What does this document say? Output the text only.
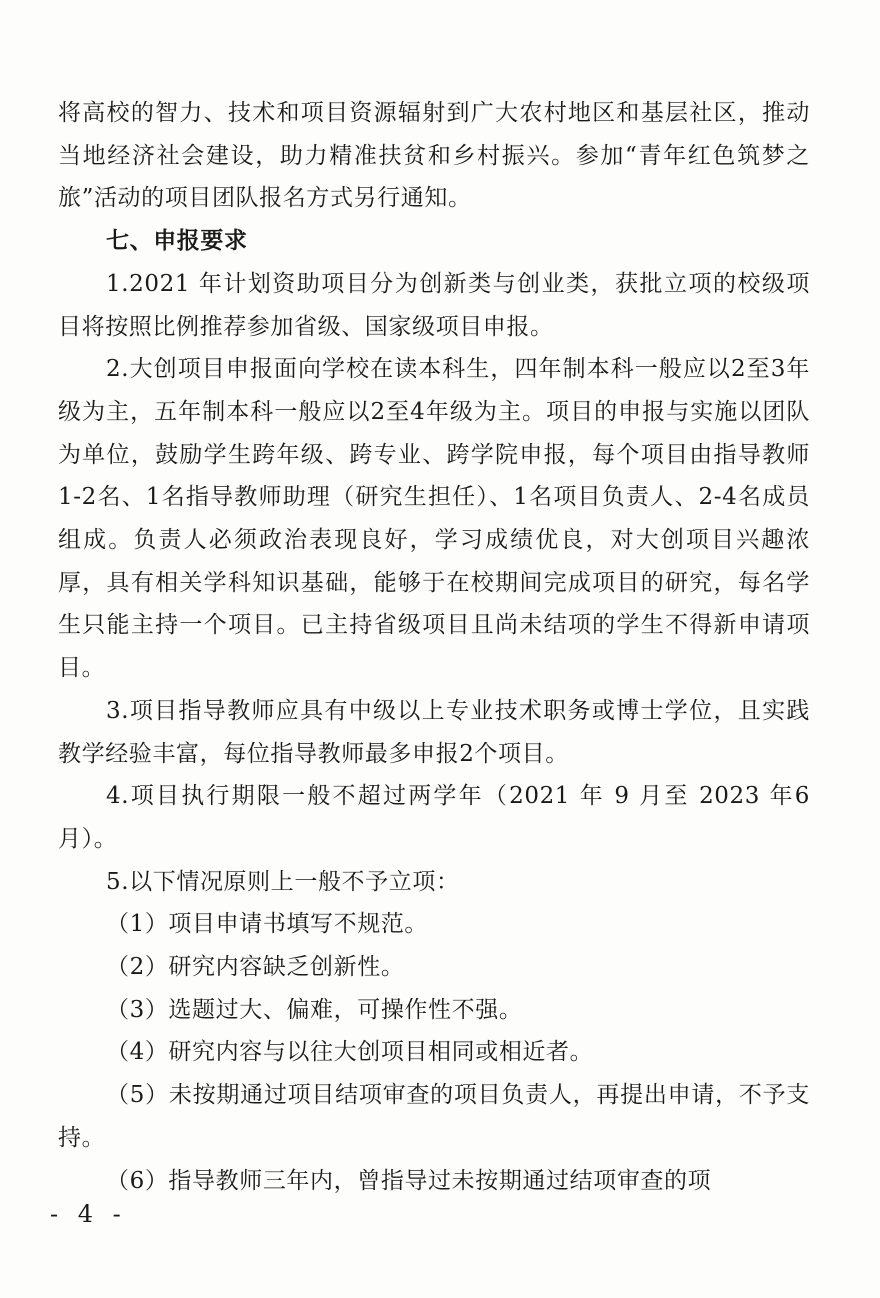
将高校的智力、技术和项目资源辐射到广大农村地区和基层社区，推动当地经济社会建设，助力精准扶贫和乡村振兴。参加“青年红色筑梦之旅”活动的项目团队报名方式另行通知。

七、申报要求

1.2021 年计划资助项目分为创新类与创业类，获批立项的校级项目将按照比例推荐参加省级、国家级项目申报。

2.大创项目申报面向学校在读本科生，四年制本科一般应以2至3年级为主，五年制本科一般应以2至4年级为主。项目的申报与实施以团队为单位，鼓励学生跨年级、跨专业、跨学院申报，每个项目由指导教师1-2名、1名指导教师助理（研究生担任）、1名项目负责人、2-4名成员组成。负责人必须政治表现良好，学习成绩优良，对大创项目兴趣浓厚，具有相关学科知识基础，能够于在校期间完成项目的研究，每名学生只能主持一个项目。已主持省级项目且尚未结项的学生不得新申请项目。

3.项目指导教师应具有中级以上专业技术职务或博士学位，且实践教学经验丰富，每位指导教师最多申报2个项目。

4.项目执行期限一般不超过两学年（2021 年 9 月至 2023 年6月）。

5.以下情况原则上一般不予立项：

（1）项目申请书填写不规范。

（2）研究内容缺乏创新性。

（3）选题过大、偏难，可操作性不强。

（4）研究内容与以往大创项目相同或相近者。

（5）未按期通过项目结项审查的项目负责人，再提出申请，不予支持。

（6）指导教师三年内，曾指导过未按期通过结项审查的项

- 4 -
